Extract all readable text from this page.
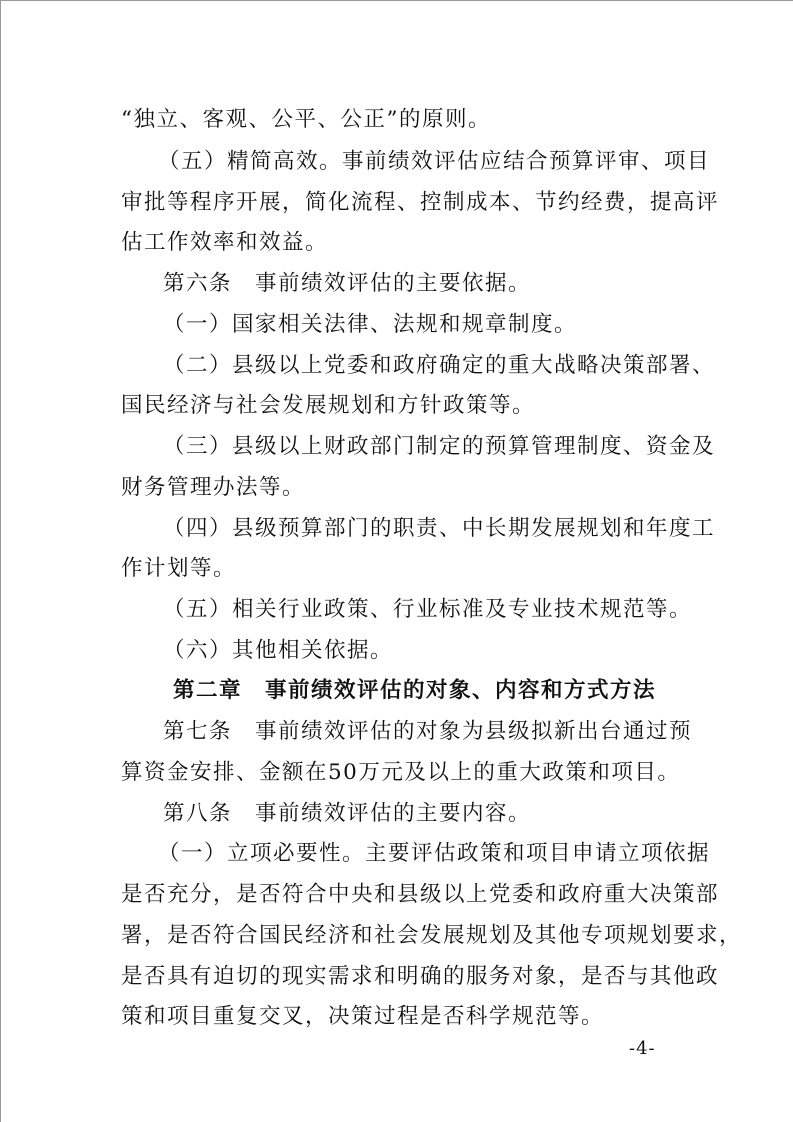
“独立、客观、公平、公正”的原则。
（五）精简高效。事前绩效评估应结合预算评审、项目
审批等程序开展，简化流程、控制成本、节约经费，提高评
估工作效率和效益。
第六条　事前绩效评估的主要依据。
（一）国家相关法律、法规和规章制度。
（二）县级以上党委和政府确定的重大战略决策部署、
国民经济与社会发展规划和方针政策等。
（三）县级以上财政部门制定的预算管理制度、资金及
财务管理办法等。
（四）县级预算部门的职责、中长期发展规划和年度工
作计划等。
（五）相关行业政策、行业标准及专业技术规范等。
（六）其他相关依据。
第二章　事前绩效评估的对象、内容和方式方法
第七条　事前绩效评估的对象为县级拟新出台通过预
算资金安排、金额在50万元及以上的重大政策和项目。
第八条　事前绩效评估的主要内容。
（一）立项必要性。主要评估政策和项目申请立项依据
是否充分，是否符合中央和县级以上党委和政府重大决策部
署，是否符合国民经济和社会发展规划及其他专项规划要求，
是否具有迫切的现实需求和明确的服务对象，是否与其他政
策和项目重复交叉，决策过程是否科学规范等。
-4-
